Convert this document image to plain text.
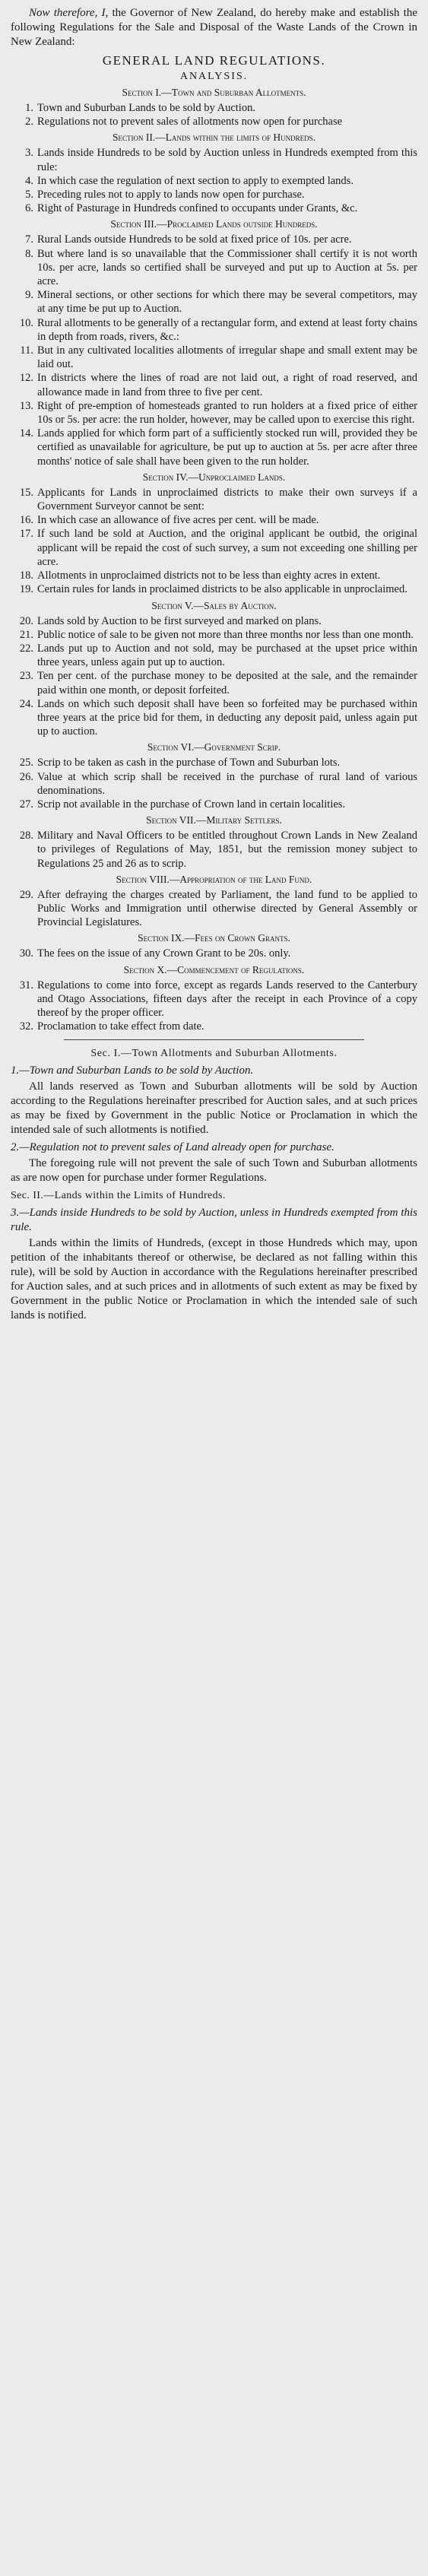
Now therefore, I, the Governor of New Zealand, do hereby make and establish the following Regulations for the Sale and Disposal of the Waste Lands of the Crown in New Zealand:

GENERAL LAND REGULATIONS.
ANALYSIS.
Section I.—Town and Suburban Allotments.
1. Town and Suburban Lands to be sold by Auction.
2. Regulations not to prevent sales of allotments now open for purchase
Section II.—Lands within the limits of Hundreds.
3. Lands inside Hundreds to be sold by Auction unless in Hundreds exempted from this rule:
4. In which case the regulation of next section to apply to exempted lands.
5. Preceding rules not to apply to lands now open for purchase.
6. Right of Pasturage in Hundreds confined to occupants under Grants, &c.
Section III.—Proclaimed Lands outside Hundreds.
7. Rural Lands outside Hundreds to be sold at fixed price of 10s. per acre.
8. But where land is so unavailable that the Commissioner shall certify it is not worth 10s. per acre, lands so certified shall be surveyed and put up to Auction at 5s. per acre.
9. Mineral sections, or other sections for which there may be several competitors, may at any time be put up to Auction.
10. Rural allotments to be generally of a rectangular form, and extend at least forty chains in depth from roads, rivers, &c.:
11. But in any cultivated localities allotments of irregular shape and small extent may be laid out.
12. In districts where the lines of road are not laid out, a right of road reserved, and allowance made in land from three to five per cent.
13. Right of pre-emption of homesteads granted to run holders at a fixed price of either 10s or 5s. per acre: the run holder, however, may be called upon to exercise this right.
14. Lands applied for which form part of a sufficiently stocked run will, provided they be certified as unavailable for agriculture, be put up to auction at 5s. per acre after three months' notice of sale shall have been given to the run holder.
Section IV.—Unproclaimed Lands.
15. Applicants for Lands in unproclaimed districts to make their own surveys if a Government Surveyor cannot be sent:
16. In which case an allowance of five acres per cent. will be made.
17. If such land be sold at Auction, and the original applicant be outbid, the original applicant will be repaid the cost of such survey, a sum not exceeding one shilling per acre.
18. Allotments in unproclaimed districts not to be less than eighty acres in extent.
19. Certain rules for lands in proclaimed districts to be also applicable in unproclaimed.
Section V.—Sales by Auction.
20. Lands sold by Auction to be first surveyed and marked on plans.
21. Public notice of sale to be given not more than three months nor less than one month.
22. Lands put up to Auction and not sold, may be purchased at the upset price within three years, unless again put up to auction.
23. Ten per cent. of the purchase money to be deposited at the sale, and the remainder paid within one month, or deposit forfeited.
24. Lands on which such deposit shall have been so forfeited may be purchased within three years at the price bid for them, in deducting any deposit paid, unless again put up to auction.
Section VI.—Government Scrip.
25. Scrip to be taken as cash in the purchase of Town and Suburban lots.
26. Value at which scrip shall be received in the purchase of rural land of various denominations.
27. Scrip not available in the purchase of Crown land in certain localities.
Section VII.—Military Settlers.
28. Military and Naval Officers to be entitled throughout Crown Lands in New Zealand to privileges of Regulations of May, 1851, but the remission money subject to Regulations 25 and 26 as to scrip.
Section VIII.—Appropriation of the Land Fund.
29. After defraying the charges created by Parliament, the land fund to be applied to Public Works and Immigration until otherwise directed by General Assembly or Provincial Legislatures.
Section IX.—Fees on Crown Grants.
30. The fees on the issue of any Crown Grant to be 20s. only.
Section X.—Commencement of Regulations.
31. Regulations to come into force, except as regards Lands reserved to the Canterbury and Otago Associations, fifteen days after the receipt in each Province of a copy thereof by the proper officer.
32. Proclamation to take effect from date.
Sec. I.—Town Allotments and Suburban Allotments.
1.—Town and Suburban Lands to be sold by Auction.

All lands reserved as Town and Suburban allotments will be sold by Auction according to the Regulations hereinafter prescribed for Auction sales, and at such prices as may be fixed by Government in the public Notice or Proclamation in which the intended sale of such allotments is notified.

2.—Regulation not to prevent sales of Land already open for purchase.

The foregoing rule will not prevent the sale of such Town and Suburban allotments as are now open for purchase under former Regulations.

Sec. II.—Lands within the Limits of Hundreds.
3.—Lands inside Hundreds to be sold by Auction, unless in Hundreds exempted from this rule.

Lands within the limits of Hundreds, (except in those Hundreds which may, upon petition of the inhabitants thereof or otherwise, be declared as not falling within this rule), will be sold by Auction in accordance with the Regulations hereinafter prescribed for Auction sales, and at such prices and in allotments of such extent as may be fixed by Government in the public Notice or Proclamation in which the intended sale of such lands is notified.
